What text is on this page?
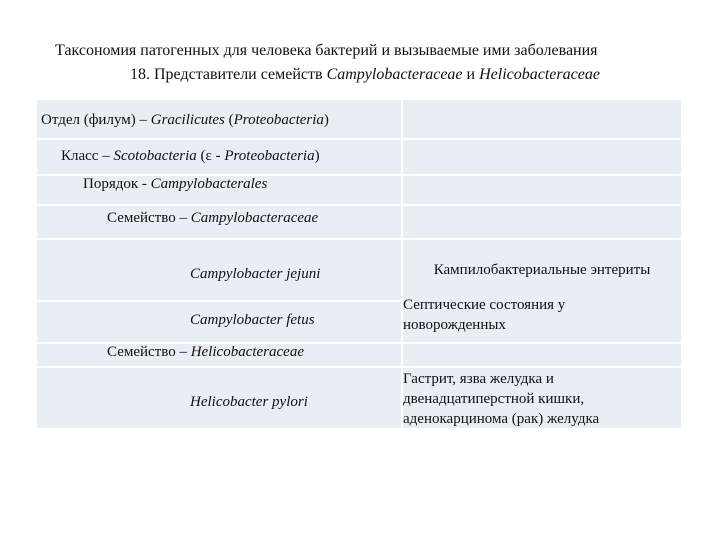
Таксономия патогенных для человека бактерий и вызываемые ими заболевания
18. Представители семейств Campylobacteraceae и Helicobacteraceae
Отдел (филум) – Gracilicutes (Proteobacteria)
Класс – Scotobacteria (ε - Proteobacteria)
Порядок - Campylobacterales
Семейство – Campylobacteraceae
Campylobacter jejuni	Кампилобактериальные энтериты
Campylobacter fetus
Септические состояния у
новорожденных
Семейство – Helicobacteraceae
Helicobacter pylori
Гастрит, язва желудка и
двенадцатиперстной кишки,
аденокарцинома (рак) желудка
